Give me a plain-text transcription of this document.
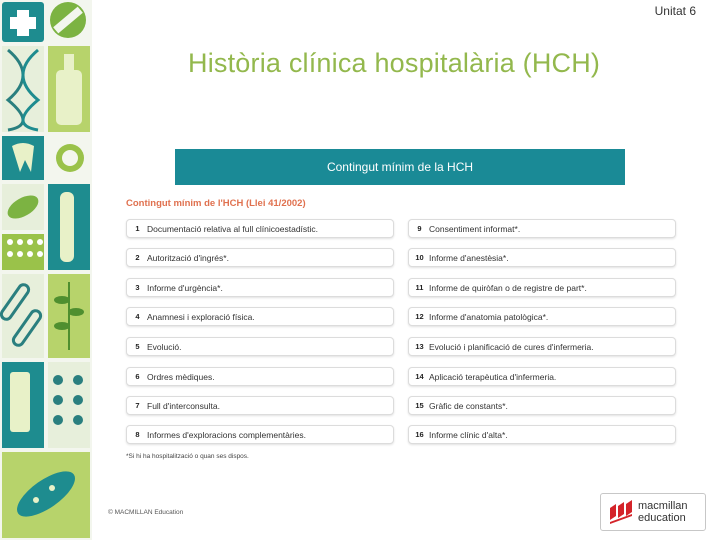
Unitat 6
Història clínica hospitalària (HCH)
Contingut mínim de la HCH
Contingut mínim de l'HCH (Llei 41/2002)
1 Documentació relativa al full clínicoestadístic.
2 Autorització d'ingrés*.
3 Informe d'urgència*.
4 Anamnesi i exploració física.
5 Evolució.
6 Ordres mèdiques.
7 Full d'interconsulta.
8 Informes d'exploracions complementàries.
9 Consentiment informat*.
10 Informe d'anestèsia*.
11 Informe de quiròfan o de registre de part*.
12 Informe d'anatomia patològica*.
13 Evolució i planificació de cures d'infermeria.
14 Aplicació terapèutica d'infermeria.
15 Gràfic de constants*.
16 Informe clínic d'alta*.
*Si hi ha hospitalització o quan ses dispos.
© MACMILLAN Education
macmillan
education
